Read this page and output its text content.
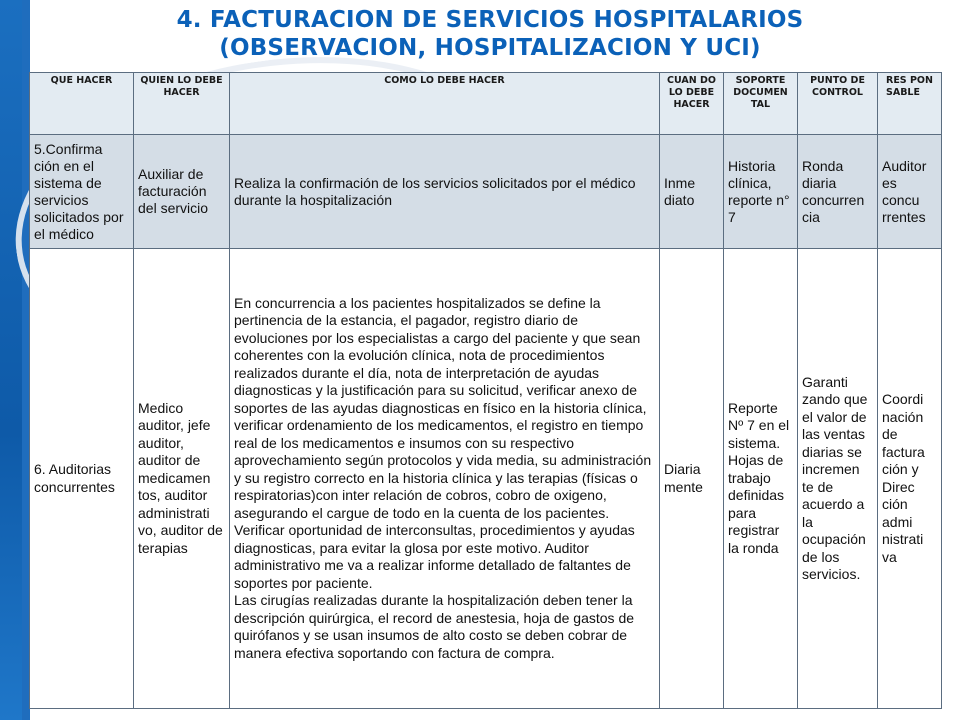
4. FACTURACION DE SERVICIOS HOSPITALARIOS
(OBSERVACION, HOSPITALIZACION Y UCI)
QUE HACER	QUIEN LO DEBE HACER	COMO LO DEBE HACER	CUAN DO LO DEBE HACER	SOPORTE DOCUMEN TAL	PUNTO DE CONTROL	RES PON SABLE
5.Confirma ción en el sistema de servicios solicitados por el médico	Auxiliar de facturación del servicio	Realiza la confirmación de los servicios solicitados por el médico durante la hospitalización	Inme diato	Historia clínica, reporte n° 7	Ronda diaria concurren cia	Auditor es concu rrentes
6. Auditorias concurrentes	Medico auditor, jefe auditor, auditor de medicamen tos, auditor administrati vo, auditor de terapias	En concurrencia a los pacientes hospitalizados se define la pertinencia de la estancia, el pagador, registro diario de evoluciones por los especialistas a cargo del paciente y que sean coherentes con la evolución clínica, nota de procedimientos realizados durante el día, nota de interpretación de ayudas diagnosticas y la justificación para su solicitud, verificar anexo de soportes de las ayudas diagnosticas en físico en la historia clínica, verificar ordenamiento de los medicamentos, el registro en tiempo real de los medicamentos e insumos con su respectivo aprovechamiento según protocolos y vida media, su administración y su registro correcto en la historia clínica y las terapias (físicas o respiratorias)con inter relación de cobros, cobro de oxigeno, asegurando el cargue de todo en la cuenta de los pacientes. Verificar oportunidad de interconsultas, procedimientos y ayudas diagnosticas, para evitar la glosa por este motivo. Auditor administrativo me va a realizar informe detallado de faltantes de soportes por paciente.
Las cirugías realizadas durante la hospitalización deben tener la descripción quirúrgica, el record de anestesia, hoja de gastos de quirófanos y se usan insumos de alto costo se deben cobrar de manera efectiva soportando con factura de compra.	Diaria mente	Reporte Nº 7 en el sistema. Hojas de trabajo definidas para registrar la ronda	Garanti zando que el valor de las ventas diarias se incremen te de acuerdo a la ocupación de los servicios.	Coordi nación de factura ción y Direc ción admi nistrati va
